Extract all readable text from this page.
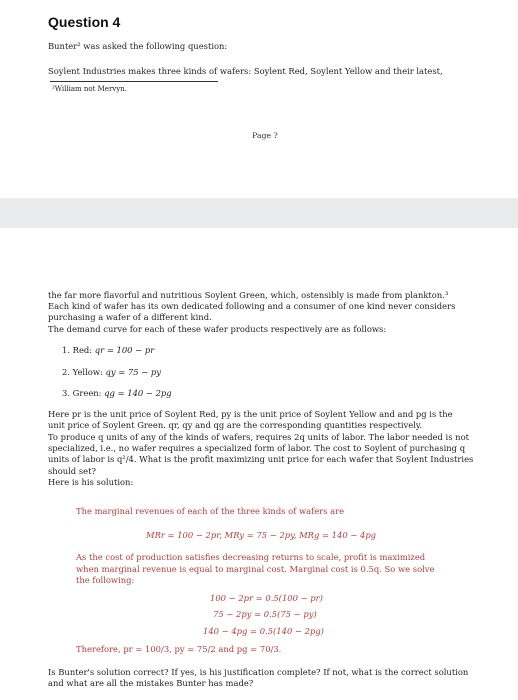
Question 4
Bunter² was asked the following question:
Soylent Industries makes three kinds of wafers: Soylent Red, Soylent Yellow and their latest,
²William not Mervyn.
Page ?
the far more flavorful and nutritious Soylent Green, which, ostensibly is made from plankton.³
Each kind of wafer has its own dedicated following and a consumer of one kind never considers
purchasing a wafer of a different kind.
The demand curve for each of these wafer products respectively are as follows:
1. Red: qr = 100 − pr
2. Yellow: qy = 75 − py
3. Green: qg = 140 − 2pg
Here pr is the unit price of Soylent Red, py is the unit price of Soylent Yellow and and pg is the
unit price of Soylent Green. qr, qy and qg are the corresponding quantities respectively.
To produce q units of any of the kinds of wafers, requires 2q units of labor. The labor needed is not
specialized, i.e., no wafer requires a specialized form of labor. The cost to Soylent of purchasing q
units of labor is q²/4. What is the profit maximizing unit price for each wafer that Soylent Industries
should set?
Here is his solution:
The marginal revenues of each of the three kinds of wafers are
MRr = 100 − 2pr, MRy = 75 − 2py, MRg = 140 − 4pg
As the cost of production satisfies decreasing returns to scale, profit is maximized
when marginal revenue is equal to marginal cost. Marginal cost is 0.5q. So we solve
the following:
100 − 2pr = 0.5(100 − pr)
75 − 2py = 0.5(75 − py)
140 − 4pg = 0.5(140 − 2pg)
Therefore, pr = 100/3, py = 75/2 and pg = 70/3.
Is Bunter's solution correct? If yes, is his justification complete? If not, what is the correct solution
and what are all the mistakes Bunter has made?
